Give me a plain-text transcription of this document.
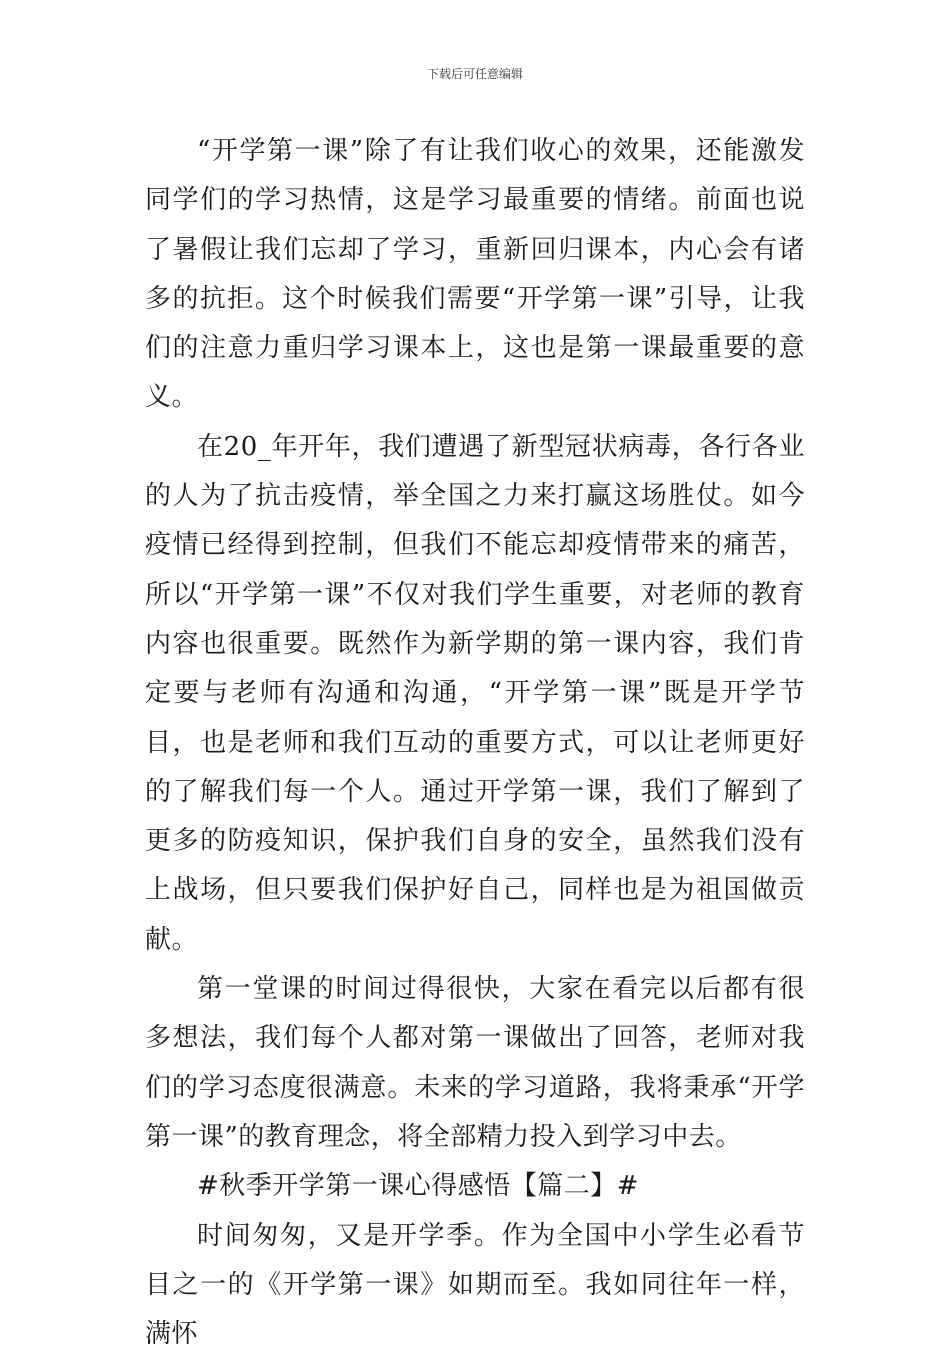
下载后可任意编辑

“开学第一课”除了有让我们收心的效果，还能激发同学们的学习热情，这是学习最重要的情绪。前面也说了暑假让我们忘却了学习，重新回归课本，内心会有诸多的抗拒。这个时候我们需要“开学第一课”引导，让我们的注意力重归学习课本上，这也是第一课最重要的意义。

在20_年开年，我们遭遇了新型冠状病毒，各行各业的人为了抗击疫情，举全国之力来打赢这场胜仗。如今疫情已经得到控制，但我们不能忘却疫情带来的痛苦，所以“开学第一课”不仅对我们学生重要，对老师的教育内容也很重要。既然作为新学期的第一课内容，我们肯定要与老师有沟通和沟通，“开学第一课”既是开学节目，也是老师和我们互动的重要方式，可以让老师更好的了解我们每一个人。通过开学第一课，我们了解到了更多的防疫知识，保护我们自身的安全，虽然我们没有上战场，但只要我们保护好自己，同样也是为祖国做贡献。

第一堂课的时间过得很快，大家在看完以后都有很多想法，我们每个人都对第一课做出了回答，老师对我们的学习态度很满意。未来的学习道路，我将秉承“开学第一课”的教育理念，将全部精力投入到学习中去。

#秋季开学第一课心得感悟【篇二】#

时间匆匆，又是开学季。作为全国中小学生必看节目之一的《开学第一课》如期而至。我如同往年一样，满怀
